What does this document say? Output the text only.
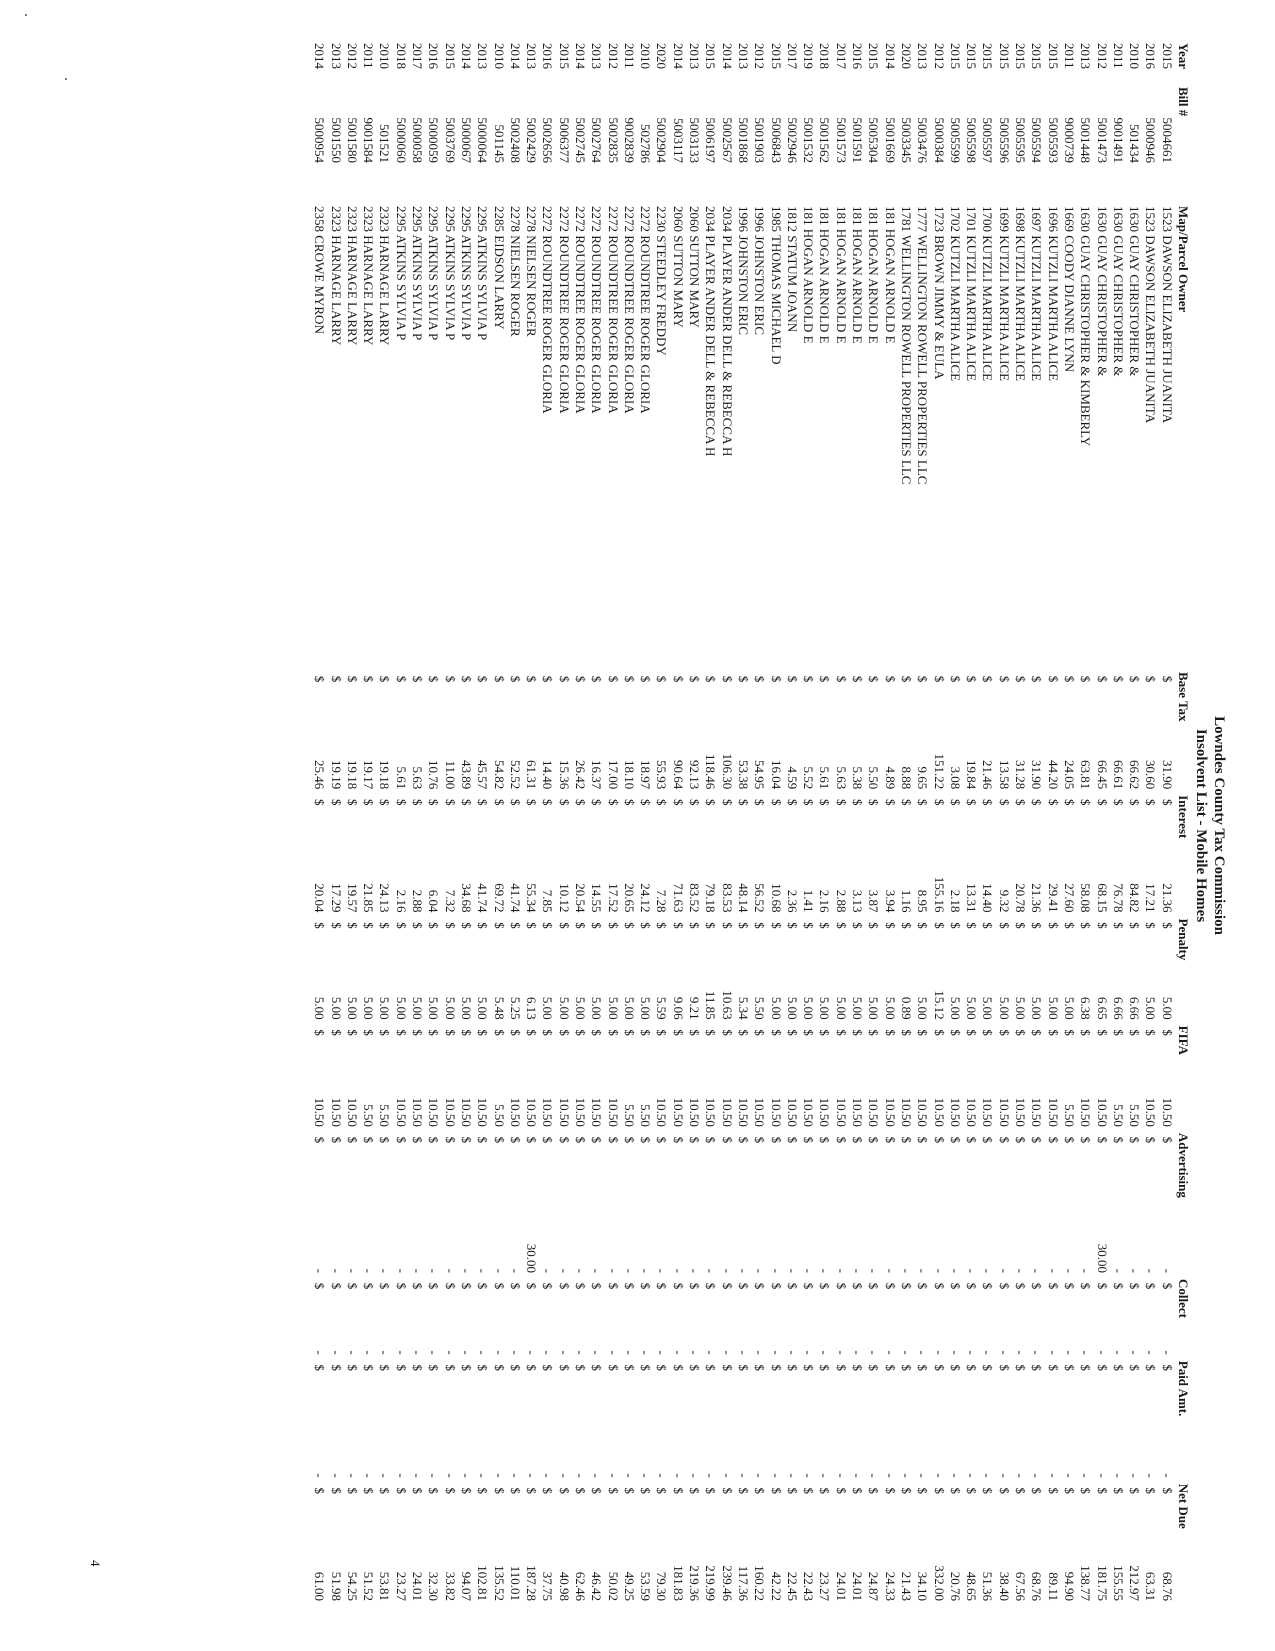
Lowndes County Tax Commission
Insolvent List - Mobile Homes
Year	Bill #	Map/Parcel Owner	Base Tax		Interest		Penalty		FIFA		Advertising		Collect		Paid Amt.		Net Due	
2015	5004661	1523 DAWSON ELIZABETH JUANITA	$	31.90	$	21.36	$	5.00	$	10.50	$	-	$	-	$	-	$	68.76
2016	5000946	1523 DAWSON ELIZABETH JUANITA	$	30.60	$	17.21	$	5.00	$	10.50	$	-	$	-	$	-	$	63.31
2010	501434	1630 GUAY CHRISTOPHER &	$	66.62	$	84.82	$	6.66	$	5.50	$	-	$	-	$	-	$	212.97
2011	9001491	1630 GUAY CHRISTOPHER &	$	66.61	$	76.78	$	6.66	$	5.50	$	-	$	-	$	-	$	155.55
2012	5001473	1630 GUAY CHRISTOPHER &	$	66.45	$	68.15	$	6.65	$	10.50	$	30.00	$	-	$	-	$	181.75
2013	5001448	1630 GUAY CHRISTOPHER & KIMBERLY	$	63.81	$	58.08	$	6.38	$	10.50	$	-	$	-	$	-	$	138.77
2011	9000739	1669 COODY DIANNE LYNN	$	24.05	$	27.60	$	5.00	$	5.50	$	-	$	-	$	-	$	94.90
2015	5005593	1696 KUTZLI MARTHA ALICE	$	44.20	$	29.41	$	5.00	$	10.50	$	-	$	-	$	-	$	89.11
2015	5005594	1697 KUTZLI MARTHA ALICE	$	31.90	$	21.36	$	5.00	$	10.50	$	-	$	-	$	-	$	68.76
2015	5005595	1698 KUTZLI MARTHA ALICE	$	31.28	$	20.78	$	5.00	$	10.50	$	-	$	-	$	-	$	67.56
2015	5005596	1699 KUTZLI MARTHA ALICE	$	13.58	$	9.32	$	5.00	$	10.50	$	-	$	-	$	-	$	38.40
2015	5005597	1700 KUTZLI MARTHA ALICE	$	21.46	$	14.40	$	5.00	$	10.50	$	-	$	-	$	-	$	51.36
2015	5005598	1701 KUTZLI MARTHA ALICE	$	19.84	$	13.31	$	5.00	$	10.50	$	-	$	-	$	-	$	48.65
2015	5005599	1702 KUTZLI MARTHA ALICE	$	3.08	$	2.18	$	5.00	$	10.50	$	-	$	-	$	-	$	20.76
2012	5000384	1723 BROWN JIMMY & EULA	$	151.22	$	155.16	$	15.12	$	10.50	$	-	$	-	$	-	$	332.00
2013	5003476	1777 WELLINGTON ROWELL PROPERTIES LLC	$	9.65	$	8.95	$	5.00	$	10.50	$	-	$	-	$	-	$	34.10
2020	5003345	1781 WELLINGTON ROWELL PROPERTIES LLC	$	8.88	$	1.16	$	0.89	$	10.50	$	-	$	-	$	-	$	21.43
2014	5001669	181 HOGAN ARNOLD E	$	4.89	$	3.94	$	5.00	$	10.50	$	-	$	-	$	-	$	24.33
2015	5005304	181 HOGAN ARNOLD E	$	5.50	$	3.87	$	5.00	$	10.50	$	-	$	-	$	-	$	24.87
2016	5001591	181 HOGAN ARNOLD E	$	5.38	$	3.13	$	5.00	$	10.50	$	-	$	-	$	-	$	24.01
2017	5001573	181 HOGAN ARNOLD E	$	5.63	$	2.88	$	5.00	$	10.50	$	-	$	-	$	-	$	24.01
2018	5001562	181 HOGAN ARNOLD E	$	5.61	$	2.16	$	5.00	$	10.50	$	-	$	-	$	-	$	23.27
2019	5001532	181 HOGAN ARNOLD E	$	5.52	$	1.41	$	5.00	$	10.50	$	-	$	-	$	-	$	22.43
2017	5002946	1812 STATUM JOANN	$	4.59	$	2.36	$	5.00	$	10.50	$	-	$	-	$	-	$	22.45
2015	5006843	1985 THOMAS MICHAEL D	$	16.04	$	10.68	$	5.00	$	10.50	$	-	$	-	$	-	$	42.22
2012	5001903	1996 JOHNSTON ERIC	$	54.95	$	56.52	$	5.50	$	10.50	$	-	$	-	$	-	$	160.22
2013	5001868	1996 JOHNSTON ERIC	$	53.38	$	48.14	$	5.34	$	10.50	$	-	$	-	$	-	$	117.36
2014	5002567	2034 PLAYER ANDER DELL & REBECCA H	$	106.30	$	83.53	$	10.63	$	10.50	$	-	$	-	$	-	$	239.46
2015	5006197	2034 PLAYER ANDER DELL & REBECCA H	$	118.46	$	79.18	$	11.85	$	10.50	$	-	$	-	$	-	$	219.99
2013	5003133	2060 SUTTON MARY	$	92.13	$	83.52	$	9.21	$	10.50	$	-	$	-	$	-	$	219.36
2014	5003117	2060 SUTTON MARY	$	90.64	$	71.63	$	9.06	$	10.50	$	-	$	-	$	-	$	181.83
2020	5002904	2230 STEEDLEY FREDDY	$	55.93	$	7.28	$	5.59	$	10.50	$	-	$	-	$	-	$	79.30
2010	502786	2272 ROUNDTREE ROGER GLORIA	$	18.97	$	24.12	$	5.00	$	5.50	$	-	$	-	$	-	$	53.59
2011	9002839	2272 ROUNDTREE ROGER GLORIA	$	18.10	$	20.65	$	5.00	$	5.50	$	-	$	-	$	-	$	49.25
2012	5002835	2272 ROUNDTREE ROGER GLORIA	$	17.00	$	17.52	$	5.00	$	10.50	$	-	$	-	$	-	$	50.02
2013	5002764	2272 ROUNDTREE ROGER GLORIA	$	16.37	$	14.55	$	5.00	$	10.50	$	-	$	-	$	-	$	46.42
2014	5002745	2272 ROUNDTREE ROGER GLORIA	$	26.42	$	20.54	$	5.00	$	10.50	$	-	$	-	$	-	$	62.46
2015	5006377	2272 ROUNDTREE ROGER GLORIA	$	15.36	$	10.12	$	5.00	$	10.50	$	-	$	-	$	-	$	40.98
2016	5002656	2272 ROUNDTREE ROGER GLORIA	$	14.40	$	7.85	$	5.00	$	10.50	$	-	$	-	$	-	$	37.75
2013	5002429	2278 NIELSEN ROGER	$	61.31	$	55.34	$	6.13	$	10.50	$	30.00	$	-	$	-	$	187.28
2014	5002408	2278 NIELSEN ROGER	$	52.52	$	41.74	$	5.25	$	10.50	$	-	$	-	$	-	$	110.01
2010	501145	2285 EIDSON LARRY	$	54.82	$	69.72	$	5.48	$	5.50	$	-	$	-	$	-	$	135.52
2013	5000064	2295 ATKINS SYLVIA P	$	45.57	$	41.74	$	5.00	$	10.50	$	-	$	-	$	-	$	102.81
2014	5000067	2295 ATKINS SYLVIA P	$	43.89	$	34.68	$	5.00	$	10.50	$	-	$	-	$	-	$	94.07
2015	5003769	2295 ATKINS SYLVIA P	$	11.00	$	7.32	$	5.00	$	10.50	$	-	$	-	$	-	$	33.82
2016	5000059	2295 ATKINS SYLVIA P	$	10.76	$	6.04	$	5.00	$	10.50	$	-	$	-	$	-	$	32.30
2017	5000058	2295 ATKINS SYLVIA P	$	5.63	$	2.88	$	5.00	$	10.50	$	-	$	-	$	-	$	24.01
2018	5000060	2295 ATKINS SYLVIA P	$	5.61	$	2.16	$	5.00	$	10.50	$	-	$	-	$	-	$	23.27
2010	501521	2323 HARNAGE LARRY	$	19.18	$	24.13	$	5.00	$	5.50	$	-	$	-	$	-	$	53.81
2011	9001584	2323 HARNAGE LARRY	$	19.17	$	21.85	$	5.00	$	5.50	$	-	$	-	$	-	$	51.52
2012	5001580	2323 HARNAGE LARRY	$	19.18	$	19.57	$	5.00	$	10.50	$	-	$	-	$	-	$	54.25
2013	5001550	2323 HARNAGE LARRY	$	19.19	$	17.29	$	5.00	$	10.50	$	-	$	-	$	-	$	51.98
2014	5000954	2358 CROWE MYRON	$	25.46	$	20.04	$	5.00	$	10.50	$	-	$	-	$	-	$	61.00
4
